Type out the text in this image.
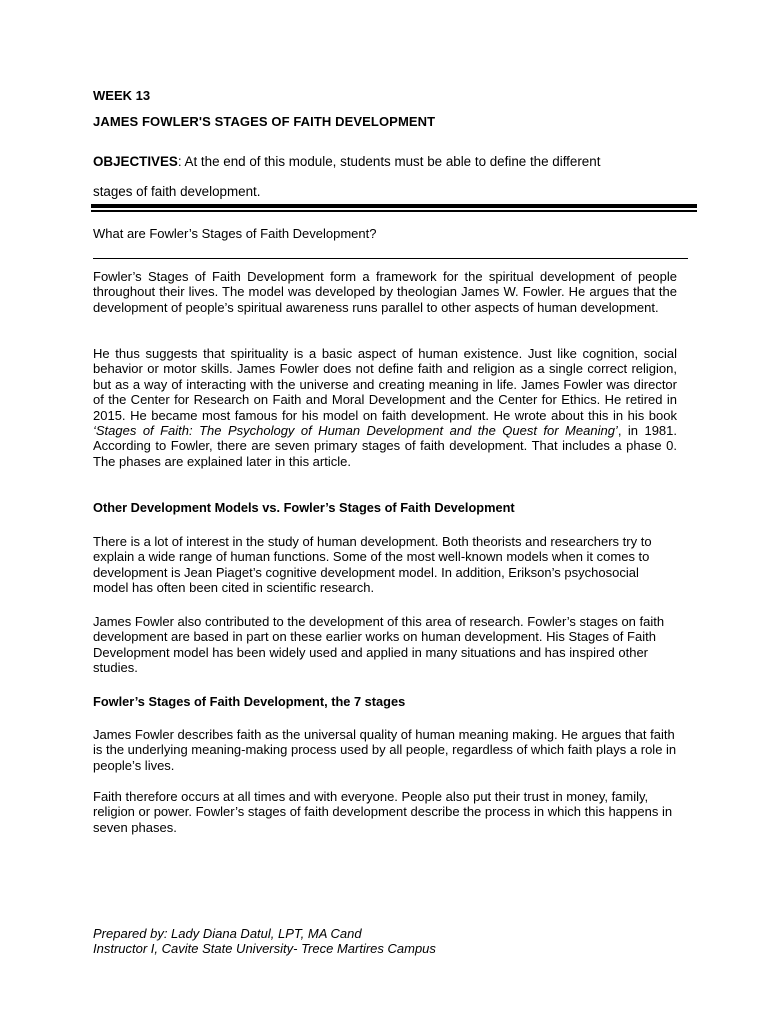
WEEK 13

JAMES FOWLER'S STAGES OF FAITH DEVELOPMENT

OBJECTIVES: At the end of this module, students must be able to define the different

stages of faith development.

What are Fowler’s Stages of Faith Development?

Fowler’s Stages of Faith Development form a framework for the spiritual development of people throughout their lives. The model was developed by theologian James W. Fowler. He argues that the development of people’s spiritual awareness runs parallel to other aspects of human development.

He thus suggests that spirituality is a basic aspect of human existence. Just like cognition, social behavior or motor skills. James Fowler does not define faith and religion as a single correct religion, but as a way of interacting with the universe and creating meaning in life. James Fowler was director of the Center for Research on Faith and Moral Development and the Center for Ethics. He retired in 2015. He became most famous for his model on faith development. He wrote about this in his book ‘Stages of Faith: The Psychology of Human Development and the Quest for Meaning’, in 1981. According to Fowler, there are seven primary stages of faith development. That includes a phase 0. The phases are explained later in this article.

Other Development Models vs. Fowler’s Stages of Faith Development

There is a lot of interest in the study of human development. Both theorists and researchers try to explain a wide range of human functions. Some of the most well-known models when it comes to development is Jean Piaget’s cognitive development model. In addition, Erikson’s psychosocial model has often been cited in scientific research.

James Fowler also contributed to the development of this area of research. Fowler’s stages on faith development are based in part on these earlier works on human development. His Stages of Faith Development model has been widely used and applied in many situations and has inspired other studies.

Fowler’s Stages of Faith Development, the 7 stages

James Fowler describes faith as the universal quality of human meaning making. He argues that faith is the underlying meaning-making process used by all people, regardless of which faith plays a role in people’s lives.

Faith therefore occurs at all times and with everyone. People also put their trust in money, family, religion or power. Fowler’s stages of faith development describe the process in which this happens in seven phases.

Prepared by: Lady Diana Datul, LPT, MA Cand

Instructor I, Cavite State University- Trece Martires Campus
